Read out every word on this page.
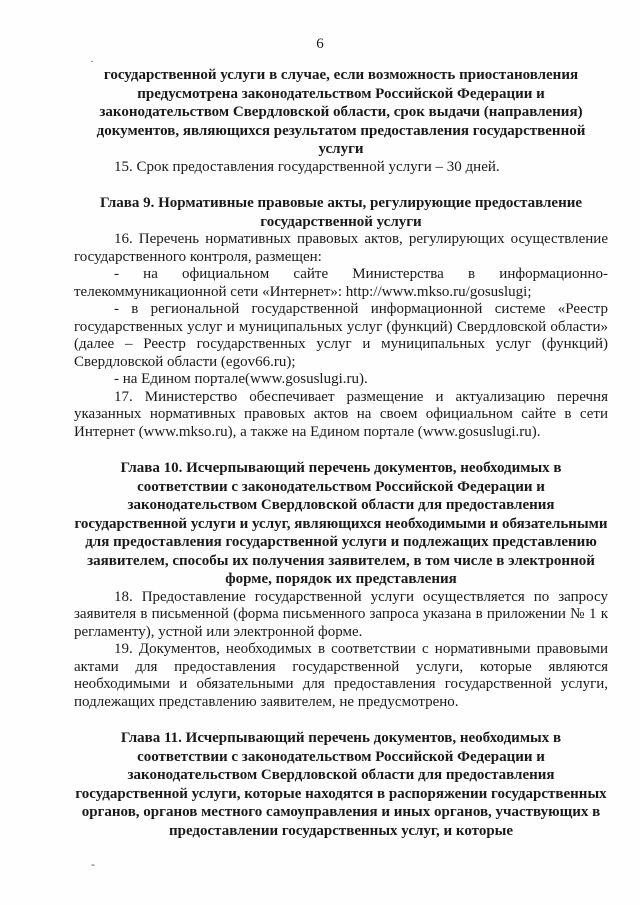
6
государственной услуги в случае, если возможность приостановления предусмотрена законодательством Российской Федерации и законодательством Свердловской области, срок выдачи (направления) документов, являющихся результатом предоставления государственной услуги
15. Срок предоставления государственной услуги – 30 дней.
Глава 9. Нормативные правовые акты, регулирующие предоставление государственной услуги
16. Перечень нормативных правовых актов, регулирующих осуществление государственного контроля, размещен:
- на официальном сайте Министерства в информационно-телекоммуникационной сети «Интернет»: http://www.mkso.ru/gosuslugi;
- в региональной государственной информационной системе «Реестр государственных услуг и муниципальных услуг (функций) Свердловской области» (далее – Реестр государственных услуг и муниципальных услуг (функций) Свердловской области (egov66.ru);
- на Едином портале(www.gosuslugi.ru).
17. Министерство обеспечивает размещение и актуализацию перечня указанных нормативных правовых актов на своем официальном сайте в сети Интернет (www.mkso.ru), а также на Едином портале (www.gosuslugi.ru).
Глава 10. Исчерпывающий перечень документов, необходимых в соответствии с законодательством Российской Федерации и законодательством Свердловской области для предоставления государственной услуги и услуг, являющихся необходимыми и обязательными для предоставления государственной услуги и подлежащих представлению заявителем, способы их получения заявителем, в том числе в электронной форме, порядок их представления
18. Предоставление государственной услуги осуществляется по запросу заявителя в письменной (форма письменного запроса указана в приложении № 1 к регламенту), устной или электронной форме.
19. Документов, необходимых в соответствии с нормативными правовыми актами для предоставления государственной услуги, которые являются необходимыми и обязательными для предоставления государственной услуги, подлежащих представлению заявителем, не предусмотрено.
Глава 11. Исчерпывающий перечень документов, необходимых в соответствии с законодательством Российской Федерации и законодательством Свердловской области для предоставления государственной услуги, которые находятся в распоряжении государственных органов, органов местного самоуправления и иных органов, участвующих в предоставлении государственных услуг, и которые
·
-
